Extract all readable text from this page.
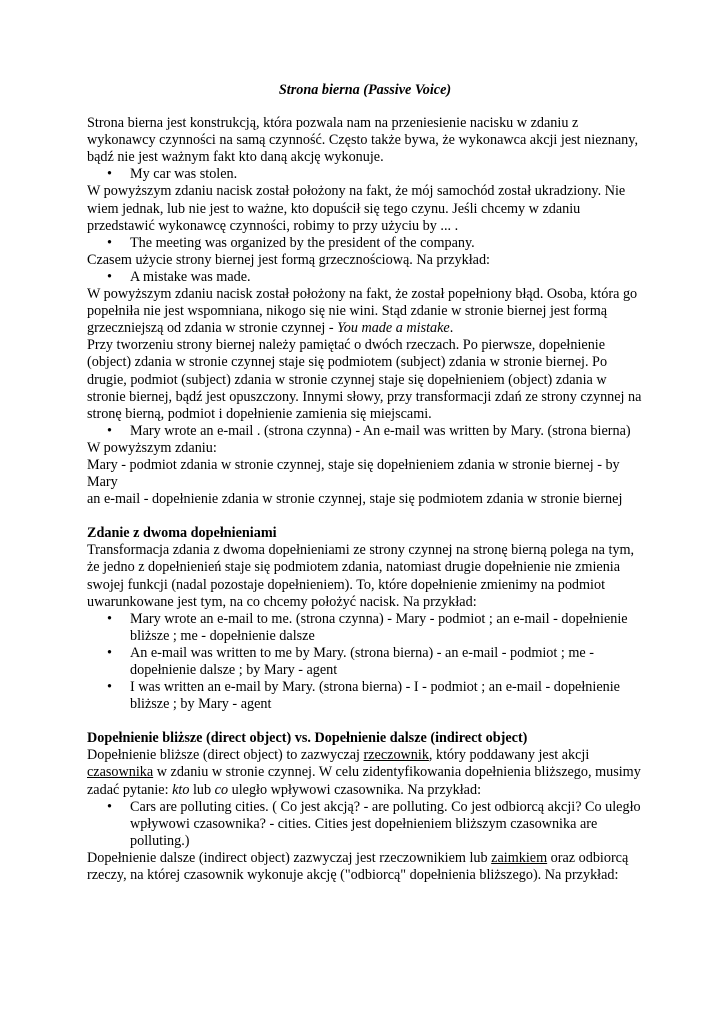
Strona bierna (Passive Voice)

Strona bierna jest konstrukcją, która pozwala nam na przeniesienie nacisku w zdaniu z wykonawcy czynności na samą czynność. Często także bywa, że wykonawca akcji jest nieznany, bądź nie jest ważnym fakt kto daną akcję wykonuje.

• My car was stolen.

W powyższym zdaniu nacisk został położony na fakt, że mój samochód został ukradziony. Nie wiem jednak, lub nie jest to ważne, kto dopuścił się tego czynu. Jeśli chcemy w zdaniu przedstawić wykonawcę czynności, robimy to przy użyciu by ... .

• The meeting was organized by the president of the company.

Czasem użycie strony biernej jest formą grzecznościową. Na przykład:

• A mistake was made.

W powyższym zdaniu nacisk został położony na fakt, że został popełniony błąd. Osoba, która go popełniła nie jest wspomniana, nikogo się nie wini. Stąd zdanie w stronie biernej jest formą grzeczniejszą od zdania w stronie czynnej - You made a mistake.

Przy tworzeniu strony biernej należy pamiętać o dwóch rzeczach. Po pierwsze, dopełnienie (object) zdania w stronie czynnej staje się podmiotem (subject) zdania w stronie biernej. Po drugie, podmiot (subject) zdania w stronie czynnej staje się dopełnieniem (object) zdania w stronie biernej, bądź jest opuszczony. Innymi słowy, przy transformacji zdań ze strony czynnej na stronę bierną, podmiot i dopełnienie zamienia się miejscami.

• Mary wrote an e-mail . (strona czynna) - An e-mail was written by Mary. (strona bierna)

W powyższym zdaniu:

Mary - podmiot zdania w stronie czynnej, staje się dopełnieniem zdania w stronie biernej - by Mary

an e-mail - dopełnienie zdania w stronie czynnej, staje się podmiotem zdania w stronie biernej

Zdanie z dwoma dopełnieniami

Transformacja zdania z dwoma dopełnieniami ze strony czynnej na stronę bierną polega na tym, że jedno z dopełnienień staje się podmiotem zdania, natomiast drugie dopełnienie nie zmienia swojej funkcji (nadal pozostaje dopełnieniem). To, które dopełnienie zmienimy na podmiot uwarunkowane jest tym, na co chcemy położyć nacisk. Na przykład:

• Mary wrote an e-mail to me. (strona czynna) - Mary - podmiot ; an e-mail - dopełnienie bliższe ; me - dopełnienie dalsze
• An e-mail was written to me by Mary. (strona bierna) - an e-mail - podmiot ; me - dopełnienie dalsze ; by Mary - agent
• I was written an e-mail by Mary. (strona bierna) - I - podmiot ; an e-mail - dopełnienie bliższe ; by Mary - agent
Dopełnienie bliższe (direct object) vs. Dopełnienie dalsze (indirect object)

Dopełnienie bliższe (direct object) to zazwyczaj rzeczownik, który poddawany jest akcji czasownika w zdaniu w stronie czynnej. W celu zidentyfikowania dopełnienia bliższego, musimy zadać pytanie: kto lub co uległo wpływowi czasownika. Na przykład:

• Cars are polluting cities. ( Co jest akcją? - are polluting. Co jest odbiorcą akcji? Co uległo wpływowi czasownika? - cities. Cities jest dopełnieniem bliższym czasownika are polluting.)

Dopełnienie dalsze (indirect object) zazwyczaj jest rzeczownikiem lub zaimkiem oraz odbiorcą rzeczy, na której czasownik wykonuje akcję ("odbiorcą" dopełnienia bliższego). Na przykład:
